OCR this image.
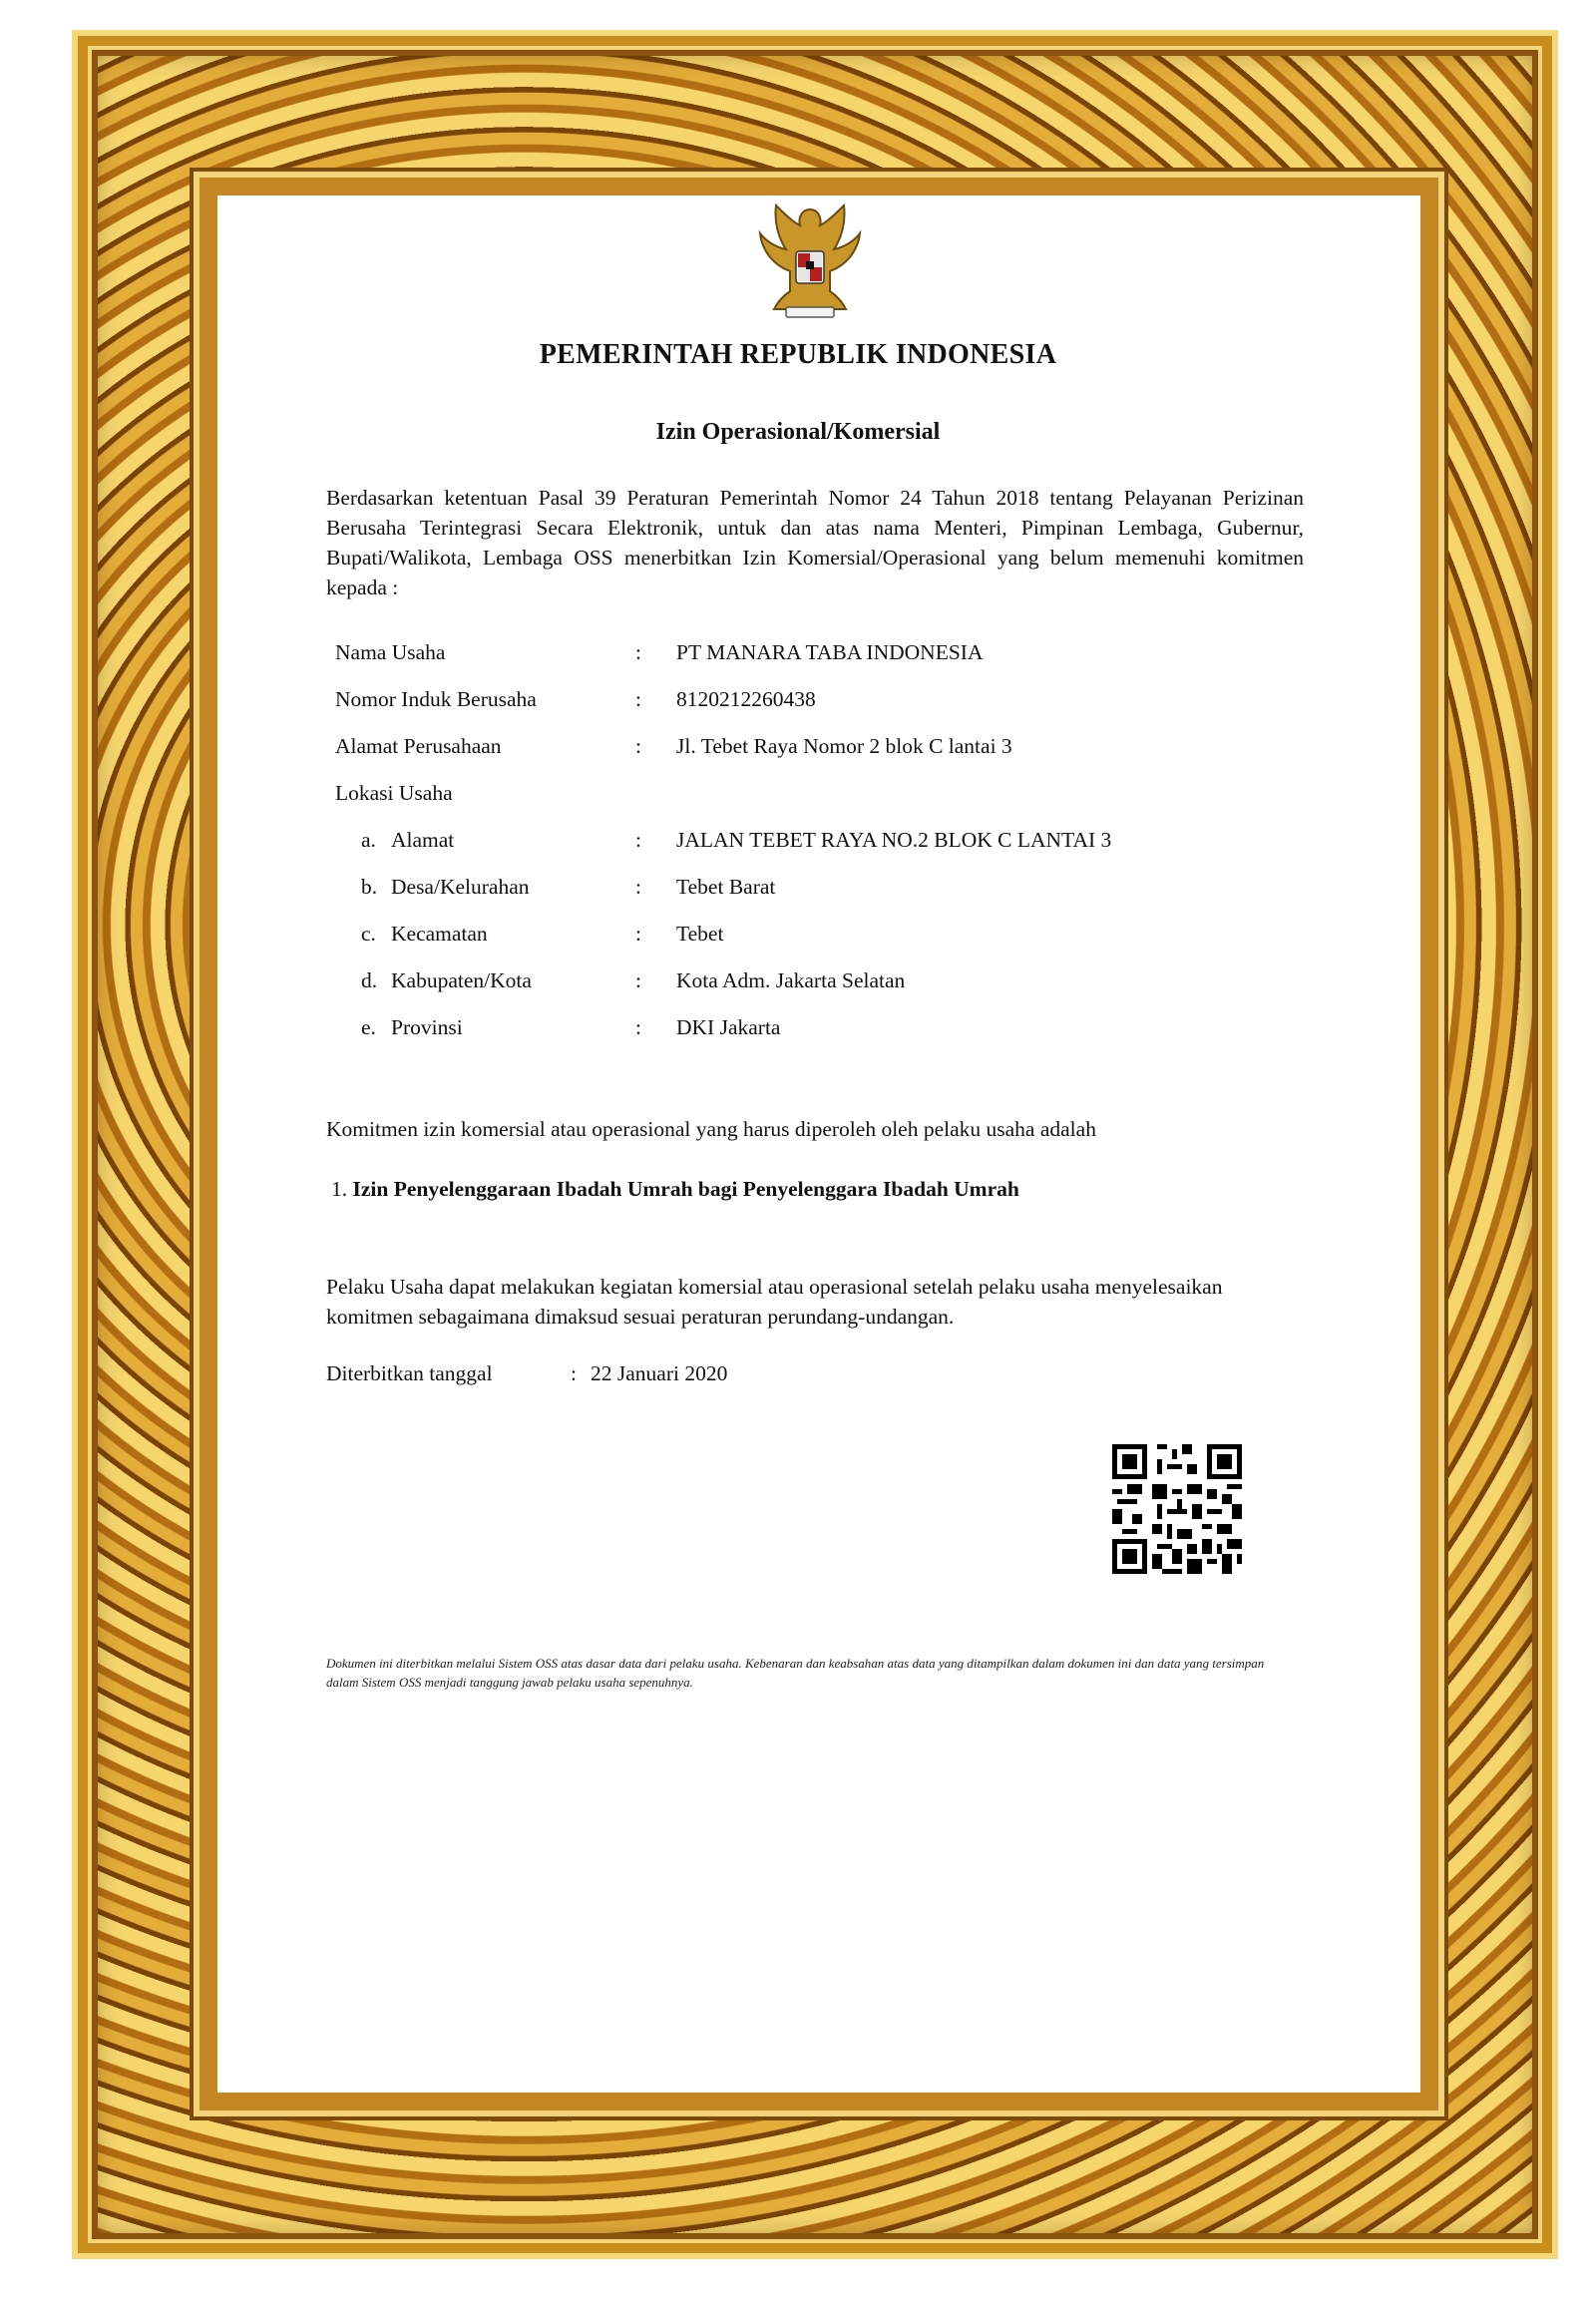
PEMERINTAH REPUBLIK INDONESIA
Izin Operasional/Komersial
Berdasarkan ketentuan Pasal 39 Peraturan Pemerintah Nomor 24 Tahun 2018 tentang Pelayanan Perizinan Berusaha Terintegrasi Secara Elektronik, untuk dan atas nama Menteri, Pimpinan Lembaga, Gubernur, Bupati/Walikota, Lembaga OSS menerbitkan Izin Komersial/Operasional yang belum memenuhi komitmen kepada :
Nama Usaha	: PT MANARA TABA INDONESIA
Nomor Induk Berusaha	: 8120212260438
Alamat Perusahaan	: Jl. Tebet Raya Nomor 2 blok C lantai 3
Lokasi Usaha
a. Alamat	: JALAN TEBET RAYA NO.2 BLOK C LANTAI 3
b. Desa/Kelurahan	: Tebet Barat
c. Kecamatan	: Tebet
d. Kabupaten/Kota	: Kota Adm. Jakarta Selatan
e. Provinsi	: DKI Jakarta
Komitmen izin komersial atau operasional yang harus diperoleh oleh pelaku usaha adalah
1. Izin Penyelenggaraan Ibadah Umrah bagi Penyelenggara Ibadah Umrah
Pelaku Usaha dapat melakukan kegiatan komersial atau operasional setelah pelaku usaha menyelesaikan komitmen sebagaimana dimaksud sesuai peraturan perundang-undangan.
Diterbitkan tanggal	: 22 Januari 2020
Dokumen ini diterbitkan melalui Sistem OSS atas dasar data dari pelaku usaha. Kebenaran dan keabsahan atas data yang ditampilkan dalam dokumen ini dan data yang tersimpan dalam Sistem OSS menjadi tanggung jawab pelaku usaha sepenuhnya.
